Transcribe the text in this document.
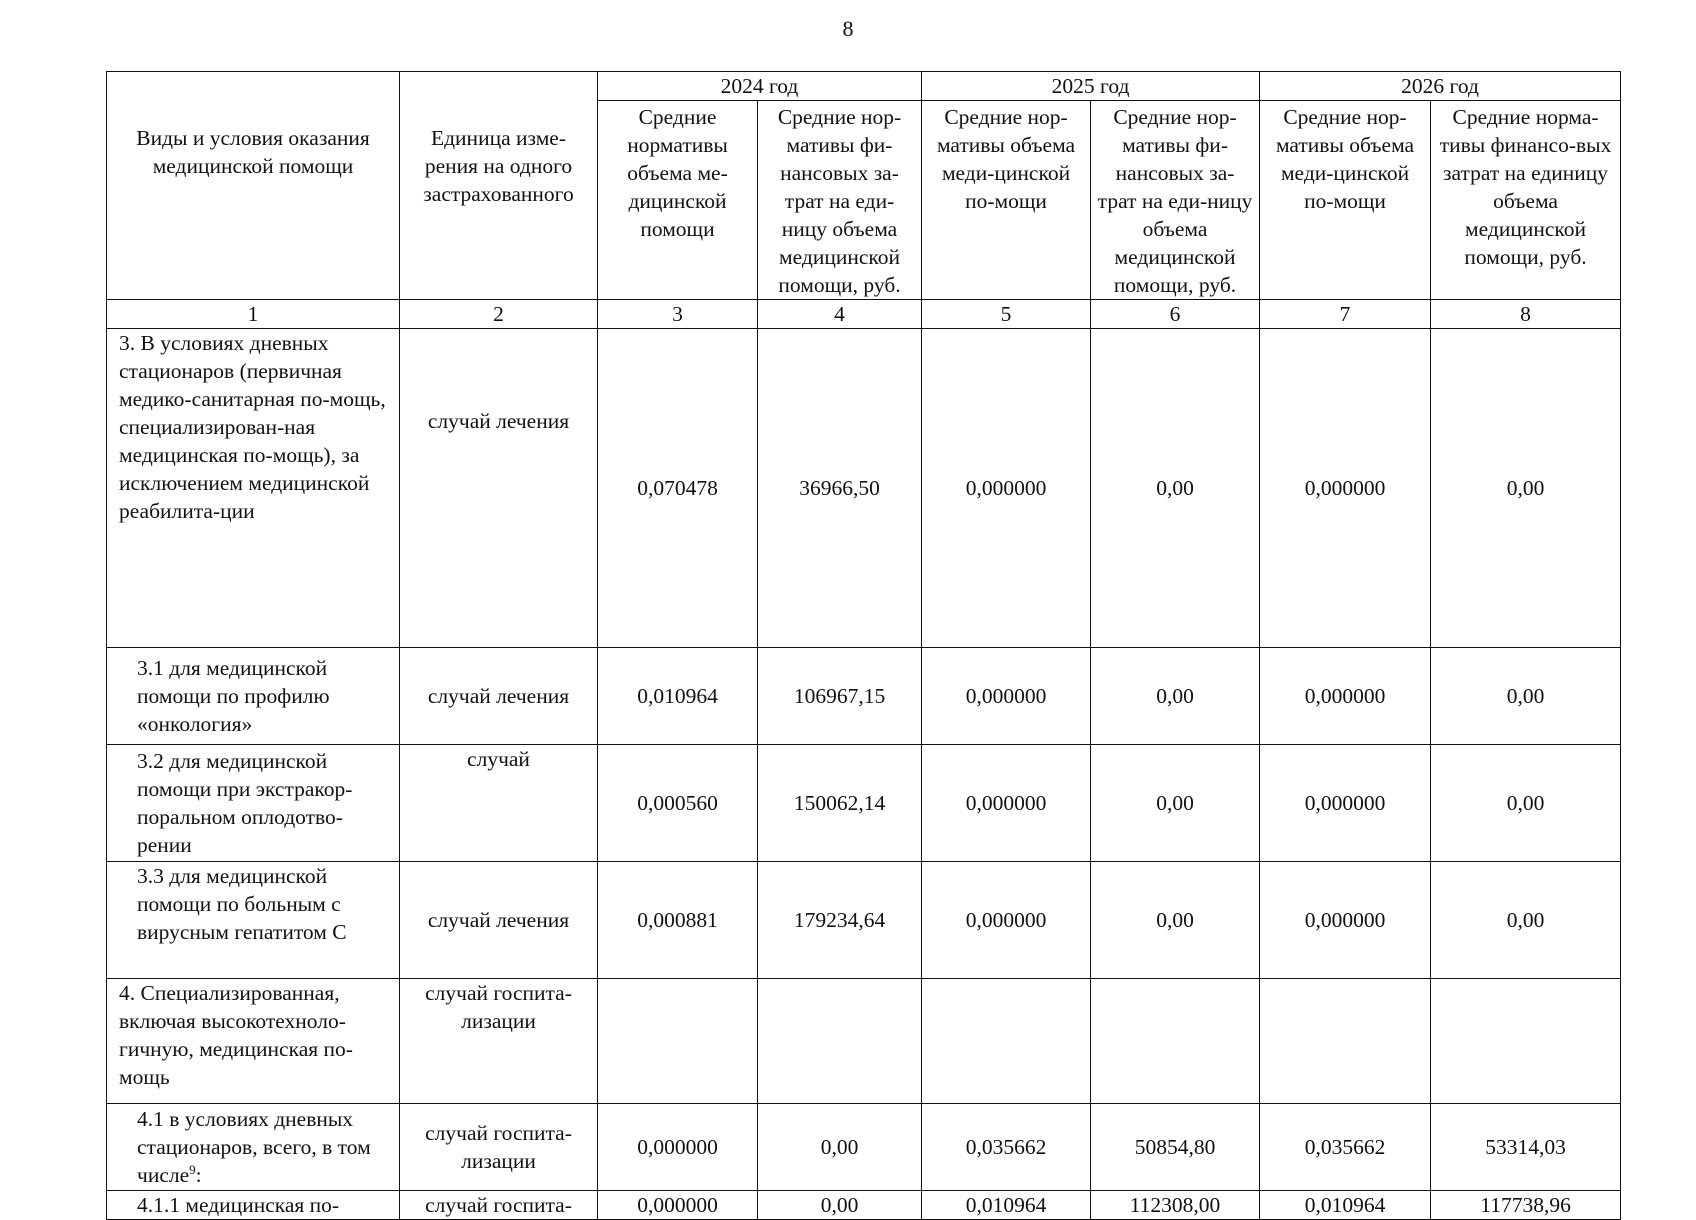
8
Виды и условия оказания медицинской помощи	Единица изме-рения на одного застрахованного	2024 год		2025 год		2026 год	
		Средние нормативы объема ме-дицинской помощи	Средние нор-мативы фи-нансовых за-трат на еди-ницу объема медицинской помощи, руб.	Средние нор-мативы объема меди-цинской по-мощи	Средние нор-мативы фи-нансовых за-трат на еди-ницу объема медицинской помощи, руб.	Средние нор-мативы объема меди-цинской по-мощи	Средние норма-тивы финансо-вых затрат на единицу объема медицинской помощи, руб.
1	2	3	4	5	6	7	8
3. В условиях дневных стационаров (первичная медико-санитарная по-мощь, специализирован-ная медицинская по-мощь), за исключением медицинской реабилита-ции	случай лечения	0,070478	36966,50	0,000000	0,00	0,000000	0,00
3.1 для медицинской помощи по профилю «онкология»	случай лечения	0,010964	106967,15	0,000000	0,00	0,000000	0,00
3.2 для медицинской помощи при экстракор-поральном оплодотво-рении	случай	0,000560	150062,14	0,000000	0,00	0,000000	0,00
3.3 для медицинской помощи по больным с вирусным гепатитом С	случай лечения	0,000881	179234,64	0,000000	0,00	0,000000	0,00
4. Специализированная, включая высокотехноло-гичную, медицинская по-мощь	случай госпита-лизации						
4.1 в условиях дневных стационаров, всего, в том числе$^9$:	случай госпита-лизации	0,000000	0,00	0,035662	50854,80	0,035662	53314,03
4.1.1 медицинская по-	случай госпита-	0,000000	0,00	0,010964	112308,00	0,010964	117738,96
